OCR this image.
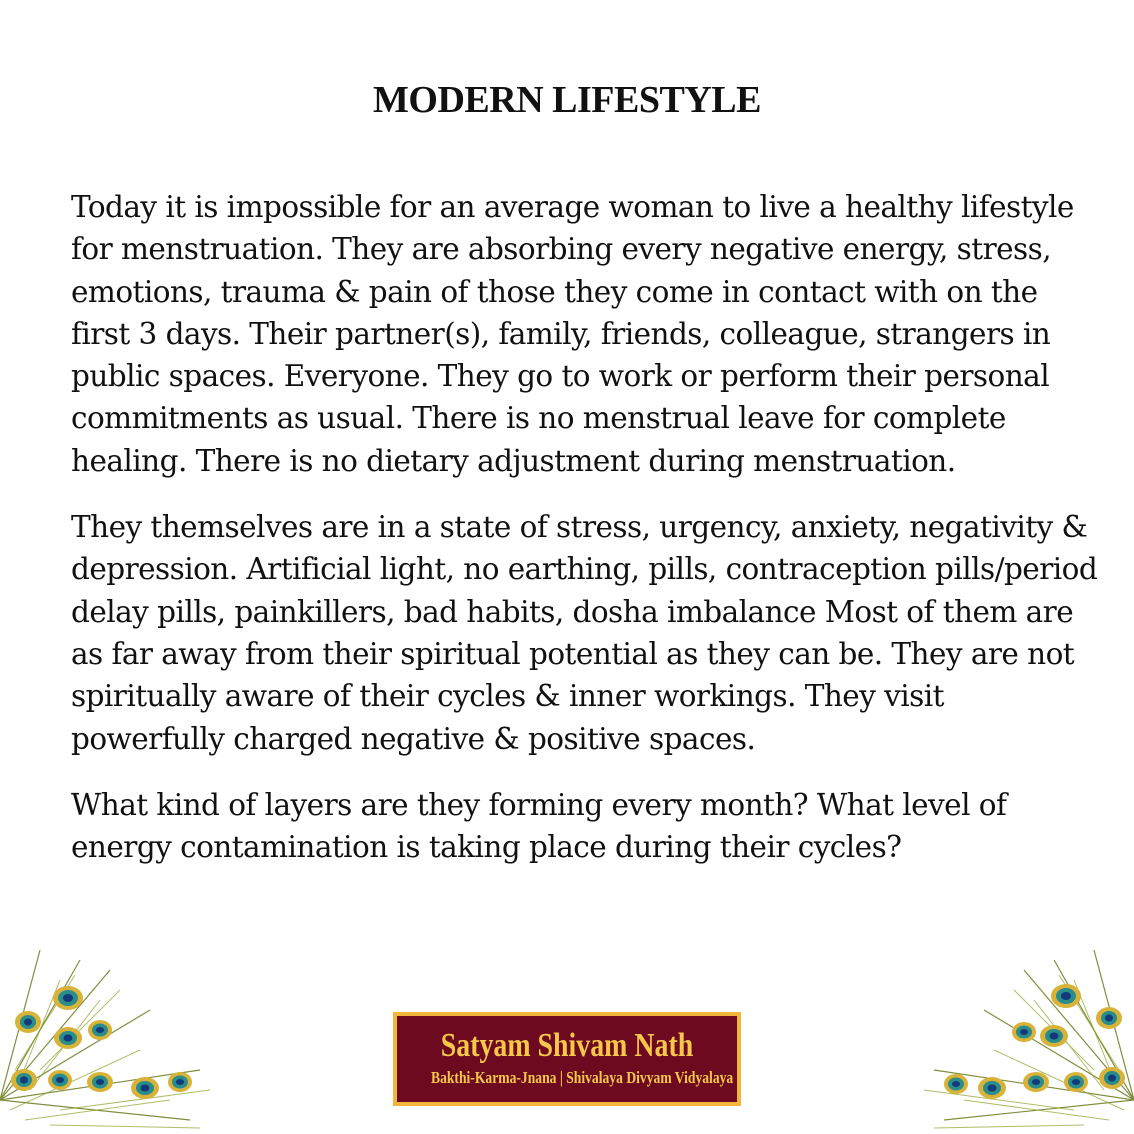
MODERN LIFESTYLE

Today it is impossible for an average woman to live a healthy lifestyle for menstruation. They are absorbing every negative energy, stress, emotions, trauma & pain of those they come in contact with on the first 3 days. Their partner(s), family, friends, colleague, strangers in public spaces. Everyone. They go to work or perform their personal commitments as usual. There is no menstrual leave for complete healing. There is no dietary adjustment during menstruation.

They themselves are in a state of stress, urgency, anxiety, negativity & depression. Artificial light, no earthing, pills, contraception pills/period delay pills, painkillers, bad habits, dosha imbalance Most of them are as far away from their spiritual potential as they can be. They are not spiritually aware of their cycles & inner workings. They visit powerfully charged negative & positive spaces.

What kind of layers are they forming every month? What level of energy contamination is taking place during their cycles?

Satyam Shivam Nath
Bakthi-Karma-Jnana | Shivalaya Divyam Vidyalaya
